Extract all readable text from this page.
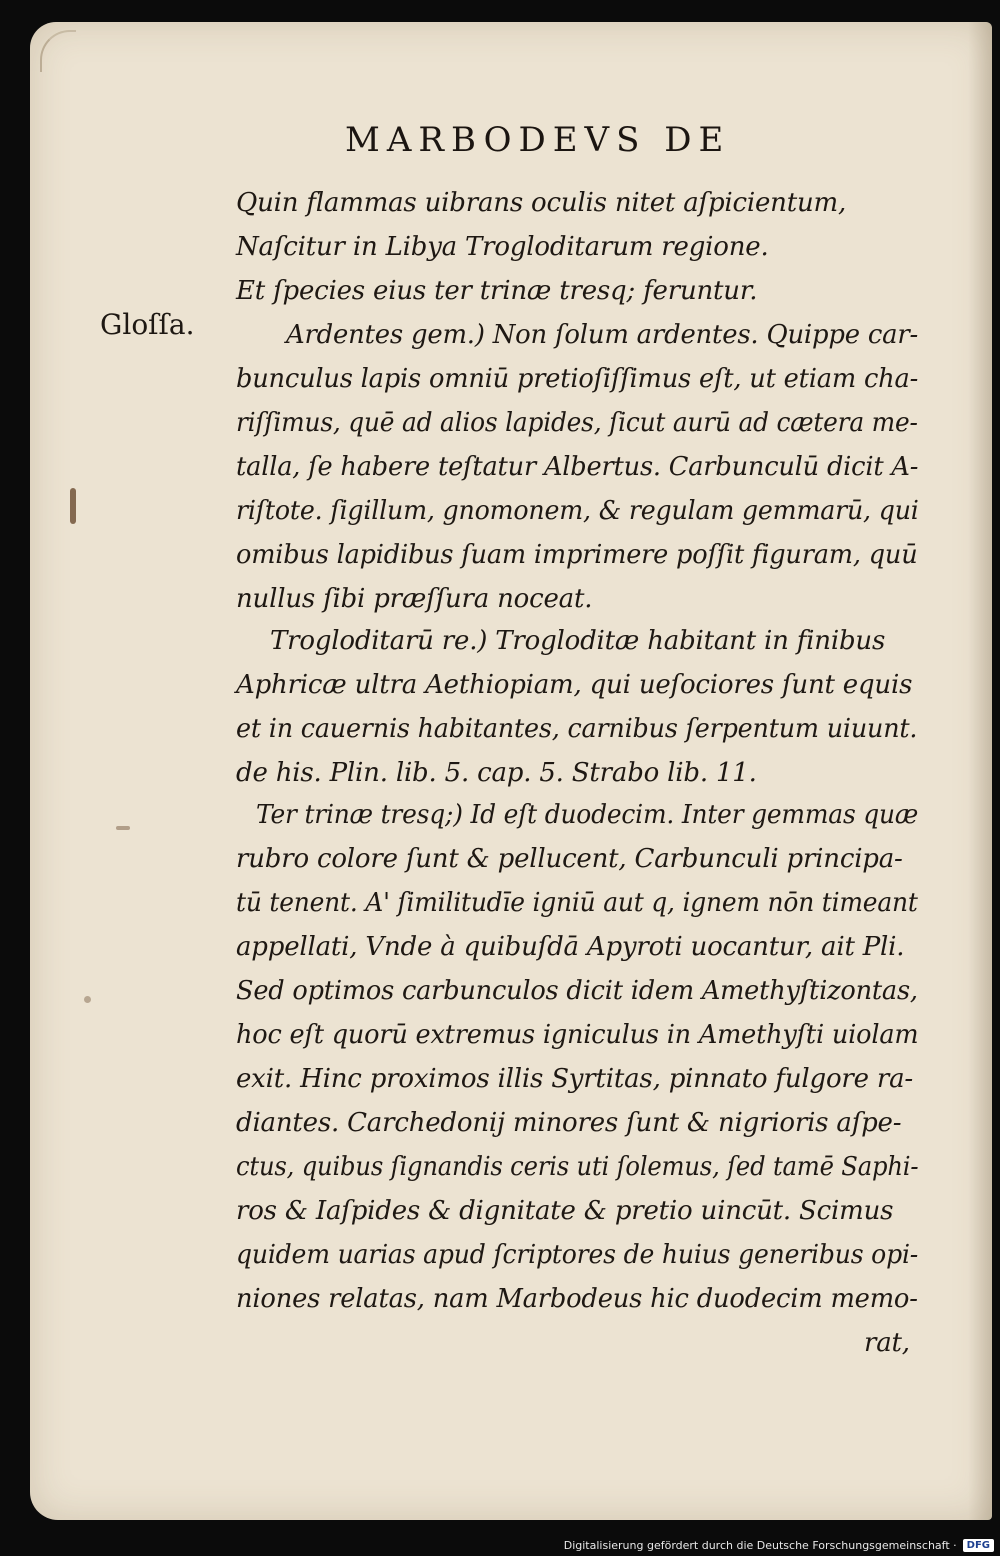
MARBODEVS DE
Gloſſa.
Quin flammas uibrans oculis nitet aſpicientum,
Naſcitur in Libya Troglod​itarum regione.
Et ſpecies eius ter trinæ tresq; feruntur.
Ardentes gem.) Non ſolum ardentes. Quippe car-
bunculus lapis omniū pretioſiſſimus eſt, ut etiam cha-
riſſimus, quē ad alios lapides, ſicut aurū ad cætera me-
talla, ſe habere teſtatur Albertus. Carbunculū dicit A-
riſtote. ſigillum, gnomonem, & regulam gemmarū, qui
omibus lapidibus ſuam imprimere poſſit figuram, quū
nullus ſibi præſſura noceat.
Troglod​itarū re.) Troglod​itæ habitant in finibus
Aphricæ ultra Aethiopiam, qui ueſociores ſunt equis
et in cauernis habitantes, carnibus ſerpentum uiuunt.
de his. Plin. lib. 5. cap. 5. Strabo lib. 11.
Ter trinæ tresq;) Id eſt duodecim. Inter gemmas quæ
rubro colore ſunt & pellucent, Carbunculi principa-
tū tenent. A' ſimilitudīe igniū aut q, ignem nōn timeant
appellati, Vnde à quibuſdā Apyroti uocantur, ait Pli.
Sed optimos carbunculos dicit idem Amethyſtizontas,
hoc eſt quorū extremus igniculus in Amethyſti uiolam
exit. Hinc proximos illis Syrtitas, pinnato fulgore ra-
diantes. Carchedonij minores ſunt & nigrioris aſpe-
ctus, quibus ſignandis ceris uti ſolemus, ſed tamē Saphi-
ros & Iaſpides & dignitate & pretio uincūt. Scimus
quidem uarias apud ſcriptores de huius generibus opi-
niones relatas, nam Marbodeus hic duodecim memo-
rat,
Digitalisierung gefördert durch die Deutsche Forschungsgemeinschaft ·	DFG
